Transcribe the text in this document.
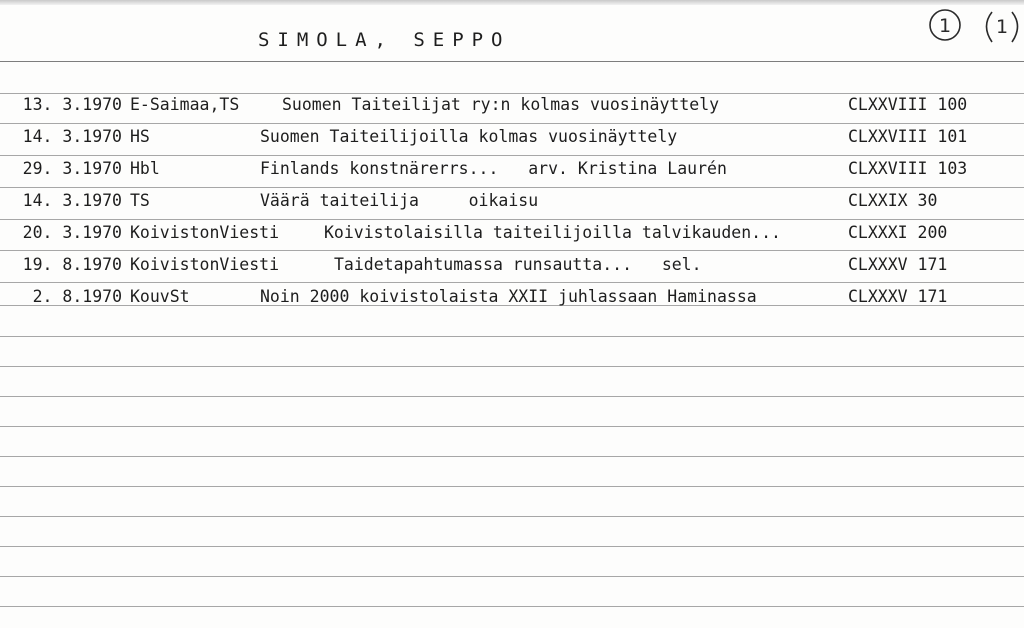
SIMOLA, SEPPO
1 1
13. 3.1970 E-Saimaa,TS	Suomen Taiteilijat ry:n kolmas vuosinäyttely	CLXXVIII 100
14. 3.1970 HS	Suomen Taiteilijoilla kolmas vuosinäyttely	CLXXVIII 101
29. 3.1970 Hbl	Finlands konstnärerrs...   arv. Kristina Laurén	CLXXVIII 103
14. 3.1970 TS	Väärä taiteilija     oikaisu	CLXXIX 30
20. 3.1970 KoivistonViesti	Koivistolaisilla taiteilijoilla talvikauden...	CLXXXI 200
19. 8.1970 KoivistonViesti	Taidetapahtumassa runsautta...   sel.	CLXXXV 171
2. 8.1970 KouvSt	Noin 2000 koivistolaista XXII juhlassaan Haminassa	CLXXXV 171
